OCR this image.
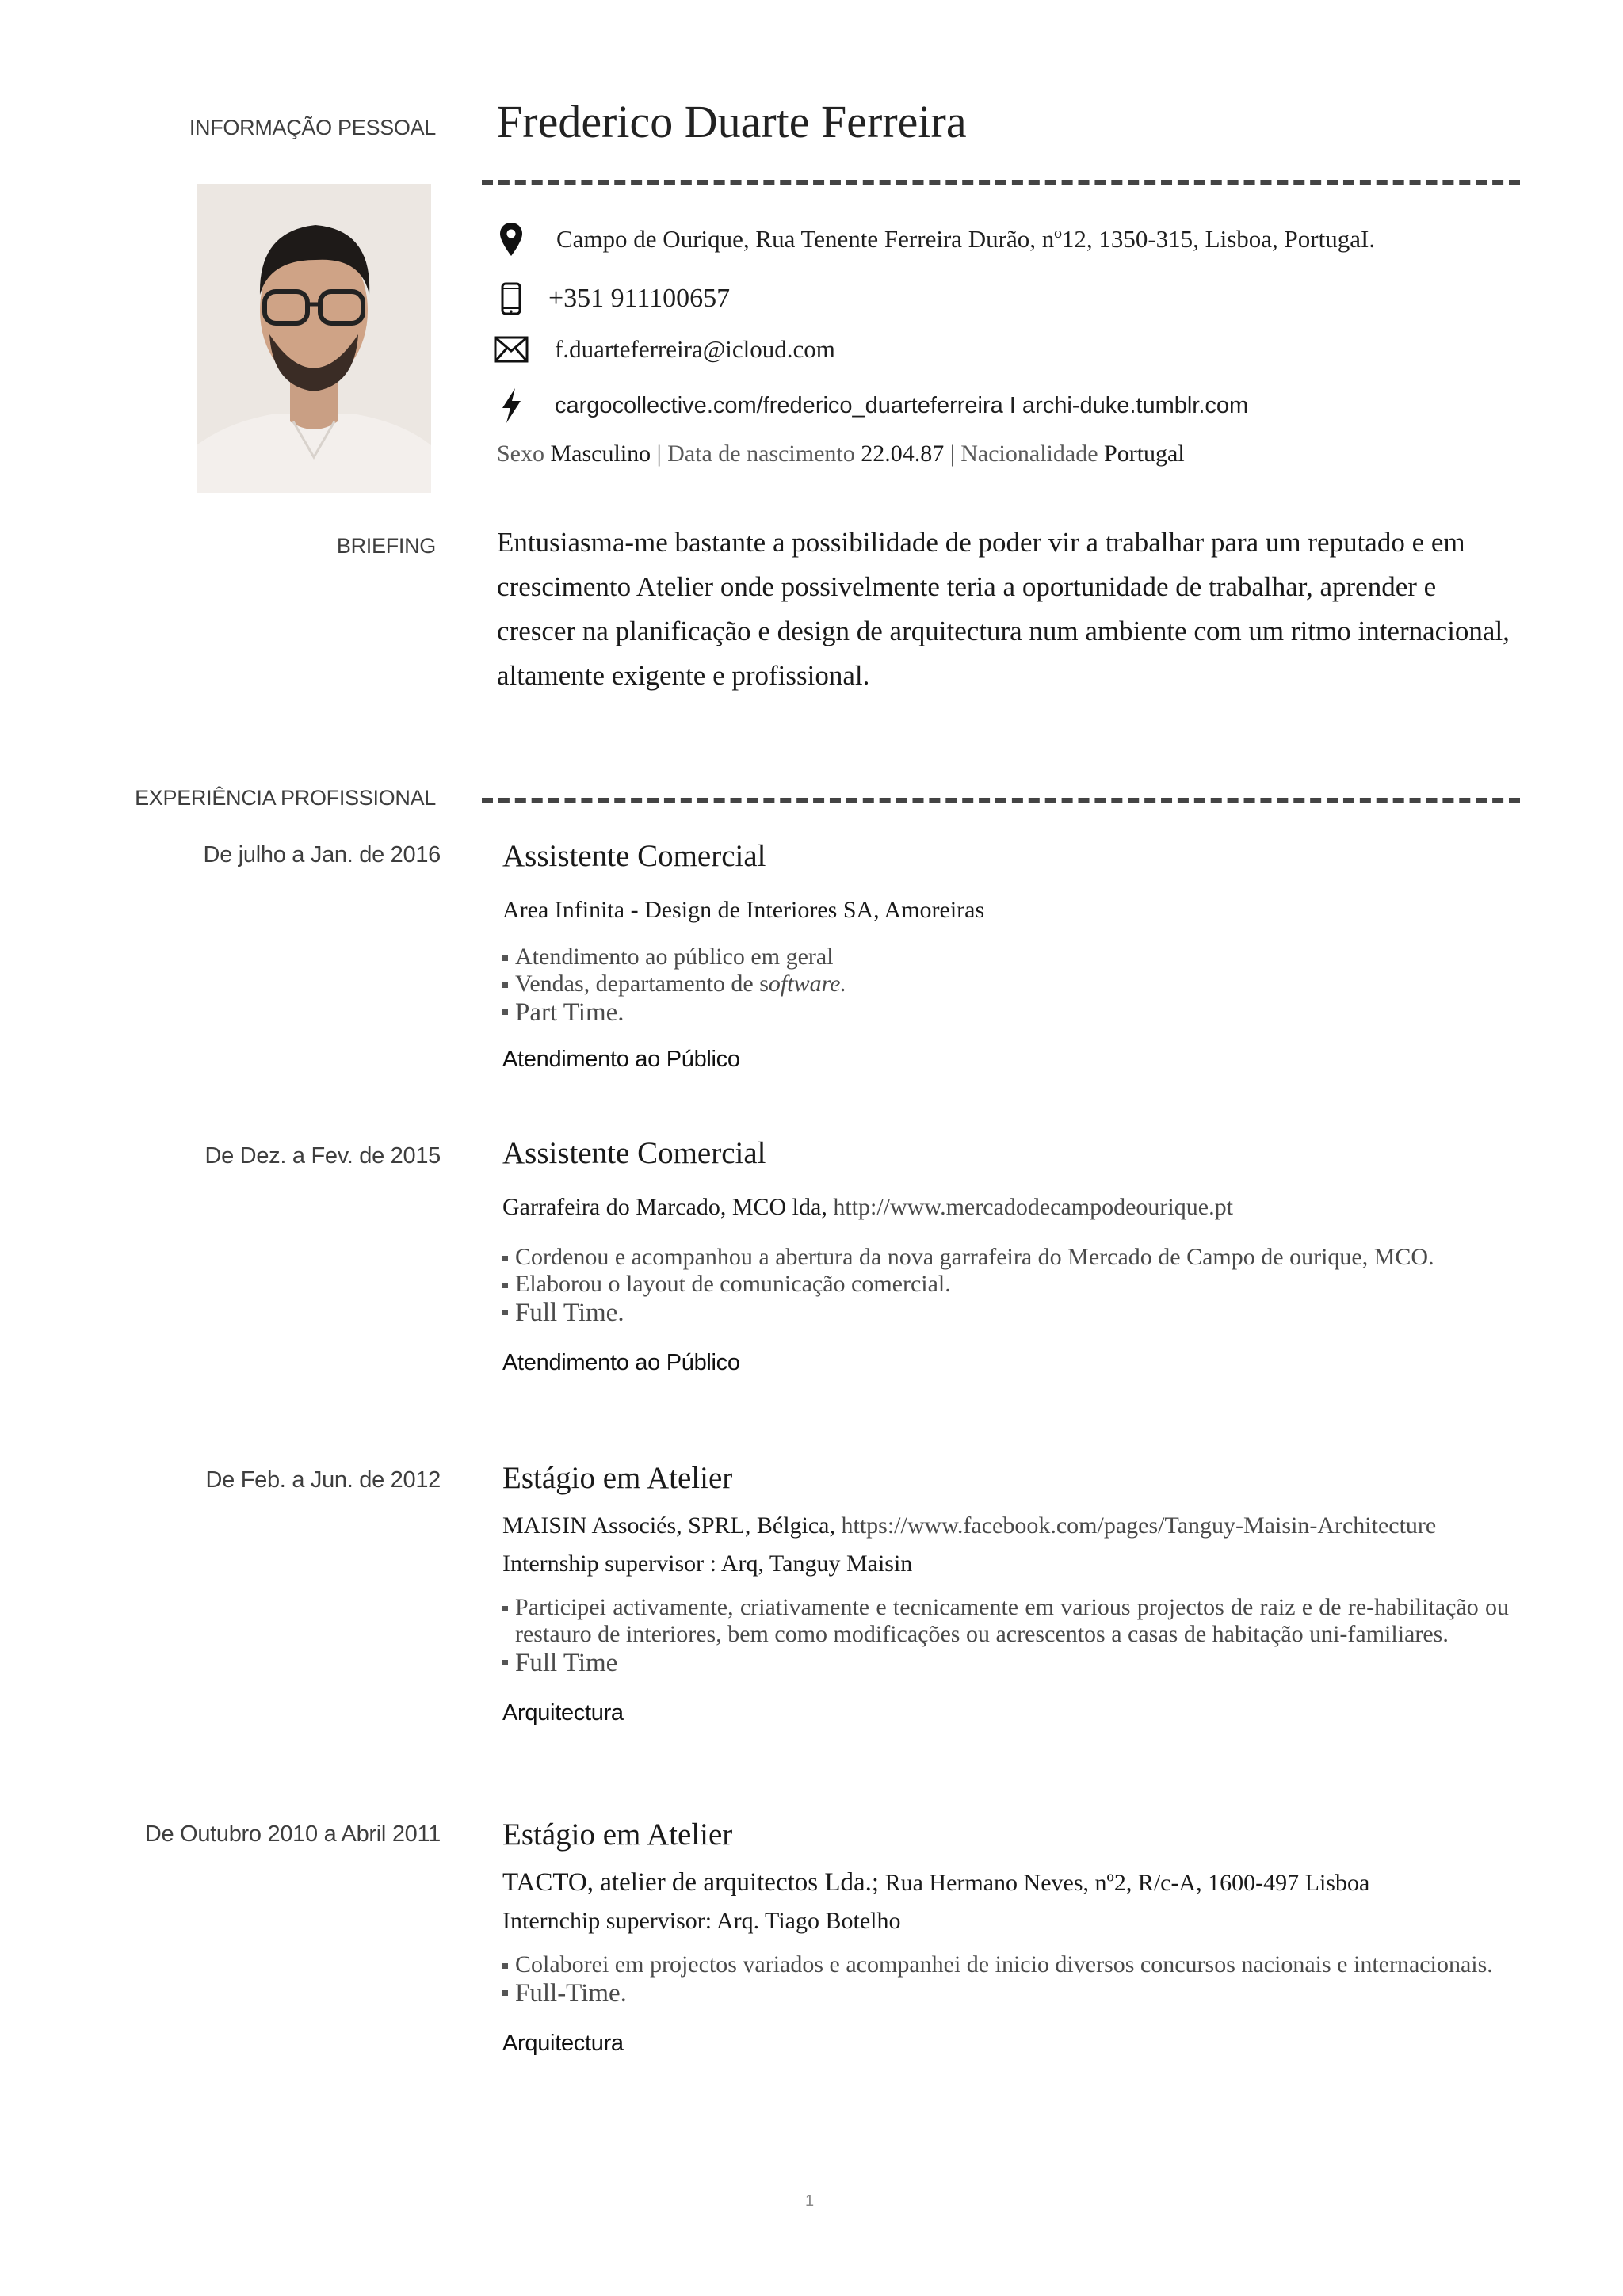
INFORMAÇÃO PESSOAL
BRIEFING
EXPERIÊNCIA PROFISSIONAL
Frederico Duarte Ferreira
Campo de Ourique, Rua Tenente Ferreira Durão, nº12, 1350-315, Lisboa, PortugaI.
+351 911100657
f.duarteferreira@icloud.com
cargocollective.com/frederico_duarteferreira I archi-duke.tumblr.com
Sexo Masculino | Data de nascimento 22.04.87 | Nacionalidade Portugal
Entusiasma-me bastante a possibilidade de poder vir a trabalhar para um reputado e em crescimento Atelier onde possivelmente teria a oportunidade de trabalhar, aprender e crescer na planificação e design de arquitectura num ambiente com um ritmo internacional, altamente exigente e profissional.
De julho a Jan. de 2016 Assistente Comercial
Area Infinita - Design de Interiores SA, Amoreiras
Atendimento ao público em geral
Vendas, departamento de software.
Part Time.
Atendimento ao Público
De Dez. a Fev. de 2015 Assistente Comercial
Garrafeira do Marcado, MCO lda, http://www.mercadodecampodeourique.pt
Cordenou e acompanhou a abertura da nova garrafeira do Mercado de Campo de ourique, MCO.
Elaborou o layout de comunicação comercial.
Full Time.
Atendimento ao Público
De Feb. a Jun. de 2012 Estágio em Atelier
MAISIN Associés, SPRL, Bélgica, https://www.facebook.com/pages/Tanguy-Maisin-Architecture
Internship supervisor : Arq, Tanguy Maisin
Participei activamente, criativamente e tecnicamente em various projectos de raiz e de re-habilitação ou restauro de interiores, bem como modificações ou acrescentos a casas de habitação uni-familiares.
Full Time
Arquitectura
De Outubro 2010 a Abril 2011 Estágio em Atelier
TACTO, atelier de arquitectos Lda.; Rua Hermano Neves, nº2, R/c-A, 1600-497 Lisboa
Internchip supervisor: Arq. Tiago Botelho
Colaborei em projectos variados e acompanhei de inicio diversos concursos nacionais e internacionais.
Full-Time.
Arquitectura
1
